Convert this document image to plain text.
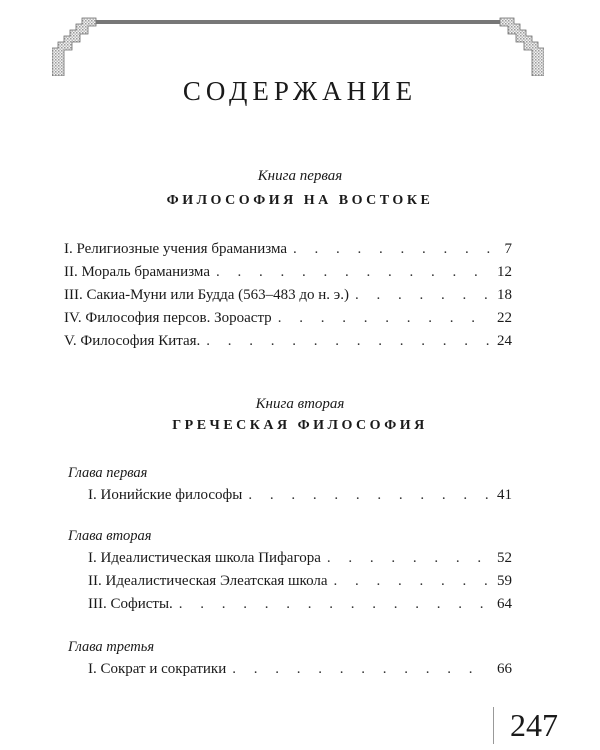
СОДЕРЖАНИЕ
Книга первая
ФИЛОСОФИЯ НА ВОСТОКЕ
I. Религиозные учения браманизма . . .	7
II. Мораль браманизма . . .	12
III. Сакиа-Муни или Будда (563–483 до н. э.) . . .	18
IV. Философия персов. Зороастр . . .	22
V. Философия Китая. . . .	24
Книга вторая
ГРЕЧЕСКАЯ ФИЛОСОФИЯ
Глава первая
I. Ионийские философы . . .	41
Глава вторая
I. Идеалистическая школа Пифагора . . .	52
II. Идеалистическая Элеатская школа . . .	59
III. Софисты. . . .	64
Глава третья
I. Сократ и сократики . . .	66
247
